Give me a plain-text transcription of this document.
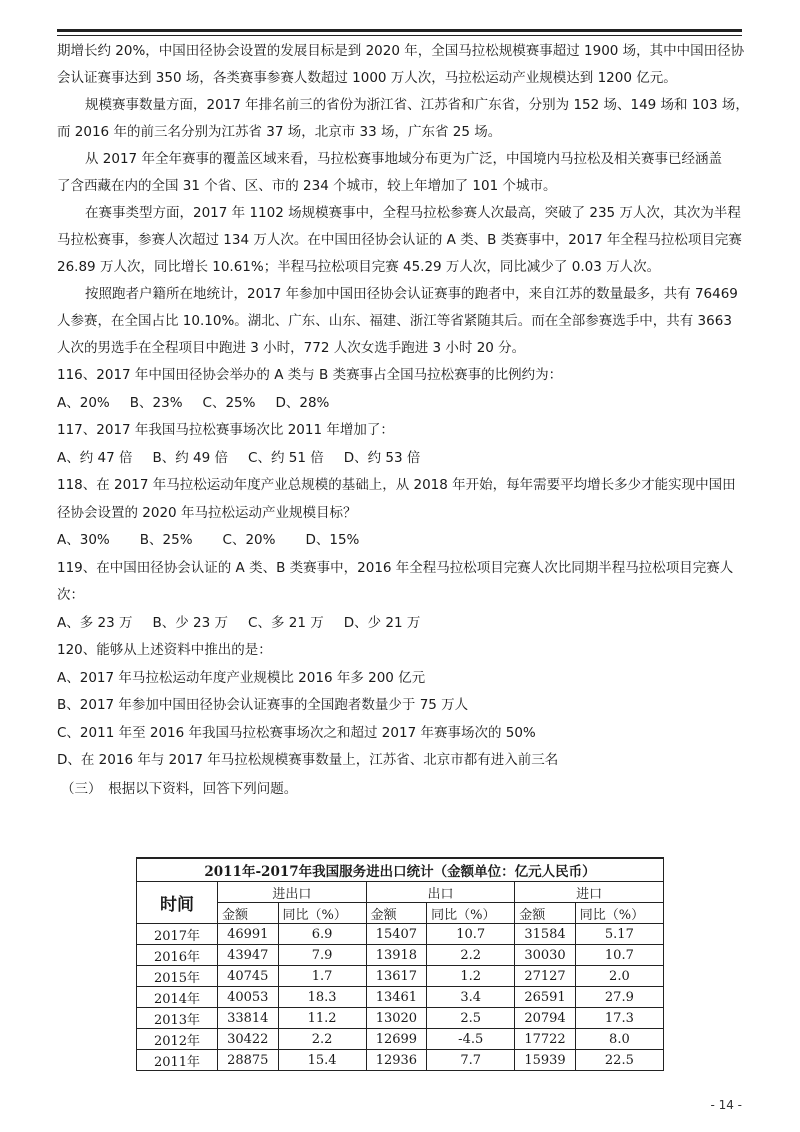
期增长约 20%，中国田径协会设置的发展目标是到 2020 年，全国马拉松规模赛事超过 1900 场，其中中国田径协

会认证赛事达到 350 场，各类赛事参赛人数超过 1000 万人次，马拉松运动产业规模达到 1200 亿元。

规模赛事数量方面，2017 年排名前三的省份为浙江省、江苏省和广东省，分别为 152 场、149 场和 103 场，

而 2016 年的前三名分别为江苏省 37 场，北京市 33 场，广东省 25 场。

从 2017 年全年赛事的覆盖区域来看，马拉松赛事地域分布更为广泛，中国境内马拉松及相关赛事已经涵盖

了含西藏在内的全国 31 个省、区、市的 234 个城市，较上年增加了 101 个城市。

在赛事类型方面，2017 年 1102 场规模赛事中，全程马拉松参赛人次最高，突破了 235 万人次，其次为半程

马拉松赛事，参赛人次超过 134 万人次。在中国田径协会认证的 A 类、B 类赛事中，2017 年全程马拉松项目完赛

26.89 万人次，同比增长 10.61%；半程马拉松项目完赛 45.29 万人次，同比减少了 0.03 万人次。

按照跑者户籍所在地统计，2017 年参加中国田径协会认证赛事的跑者中，来自江苏的数量最多，共有 76469

人参赛，在全国占比 10.10%。湖北、广东、山东、福建、浙江等省紧随其后。而在全部参赛选手中，共有 3663

人次的男选手在全程项目中跑进 3 小时，772 人次女选手跑进 3 小时 20 分。

116、2017 年中国田径协会举办的 A 类与 B 类赛事占全国马拉松赛事的比例约为：

A、20% B、23% C、25% D、28%

117、2017 年我国马拉松赛事场次比 2011 年增加了：

A、约 47 倍 B、约 49 倍 C、约 51 倍 D、约 53 倍

118、在 2017 年马拉松运动年度产业总规模的基础上，从 2018 年开始，每年需要平均增长多少才能实现中国田

径协会设置的 2020 年马拉松运动产业规模目标？

A、30% B、25% C、20% D、15%

119、在中国田径协会认证的 A 类、B 类赛事中，2016 年全程马拉松项目完赛人次比同期半程马拉松项目完赛人

次：

A、多 23 万 B、少 23 万 C、多 21 万 D、少 21 万

120、能够从上述资料中推出的是：

A、2017 年马拉松运动年度产业规模比 2016 年多 200 亿元

B、2017 年参加中国田径协会认证赛事的全国跑者数量少于 75 万人

C、2011 年至 2016 年我国马拉松赛事场次之和超过 2017 年赛事场次的 50%

D、在 2016 年与 2017 年马拉松规模赛事数量上，江苏省、北京市都有进入前三名

（三）　根据以下资料，回答下列问题。

2011年-2017年我国服务进出口统计（金额单位：亿元人民币）						
时间	进出口		出口		进口	
	金额	同比（%）	金额	同比（%）	金额	同比（%）
2017年	46991	6.9	15407	10.7	31584	5.17
2016年	43947	7.9	13918	2.2	30030	10.7
2015年	40745	1.7	13617	1.2	27127	2.0
2014年	40053	18.3	13461	3.4	26591	27.9
2013年	33814	11.2	13020	2.5	20794	17.3
2012年	30422	2.2	12699	-4.5	17722	8.0
2011年	28875	15.4	12936	7.7	15939	22.5
- 14 -
